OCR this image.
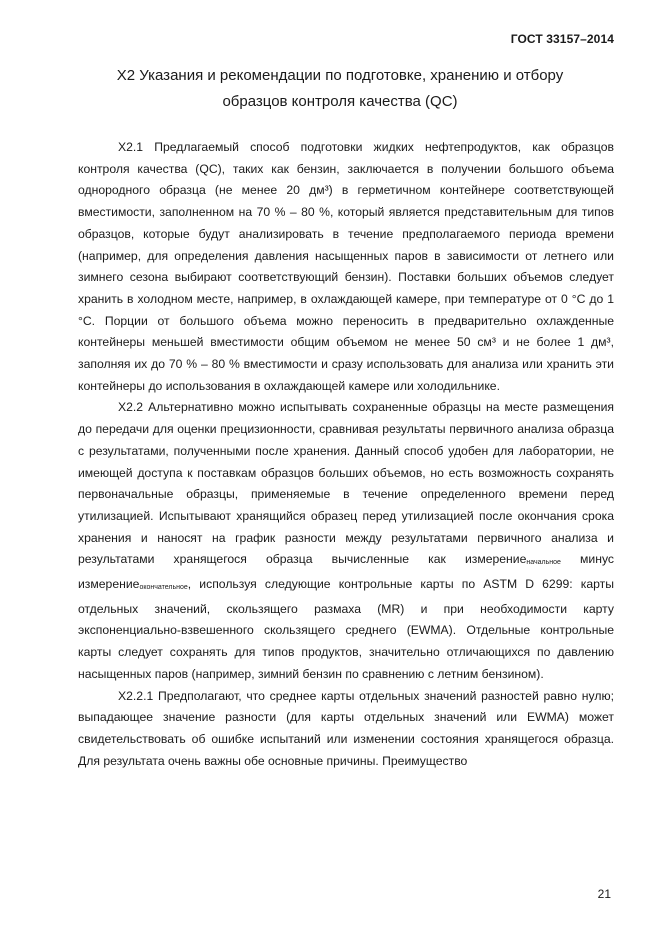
ГОСТ 33157–2014
Х2 Указания и рекомендации по подготовке, хранению и отбору
образцов контроля качества (QC)

Х2.1 Предлагаемый способ подготовки жидких нефтепродуктов, как образцов контроля качества (QC), таких как бензин, заключается в получении большого объема однородного образца (не менее 20 дм³) в герметичном контейнере соответствующей вместимости, заполненном на 70 % – 80 %, который является представительным для типов образцов, которые будут анализировать в течение предполагаемого периода времени (например, для определения давления насыщенных паров в зависимости от летнего или зимнего сезона выбирают соответствующий бензин). Поставки больших объемов следует хранить в холодном месте, например, в охлаждающей камере, при температуре от 0 °С до 1 °С. Порции от большого объема можно переносить в предварительно охлажденные контейнеры меньшей вместимости общим объемом не менее 50 см³ и не более 1 дм³, заполняя их до 70 % – 80 % вместимости и сразу использовать для анализа или хранить эти контейнеры до использования в охлаждающей камере или холодильнике.

Х2.2 Альтернативно можно испытывать сохраненные образцы на месте размещения до передачи для оценки прецизионности, сравнивая результаты первичного анализа образца с результатами, полученными после хранения. Данный способ удобен для лаборатории, не имеющей доступа к поставкам образцов больших объемов, но есть возможность сохранять первоначальные образцы, применяемые в течение определенного времени перед утилизацией. Испытывают хранящийся образец перед утилизацией после окончания срока хранения и наносят на график разности между результатами первичного анализа и результатами хранящегося образца вычисленные как измерение$_{начальное}$ минус измерение$_{окончательное}$, используя следующие контрольные карты по ASTM D 6299: карты отдельных значений, скользящего размаха (MR) и при необходимости карту экспоненциально-взвешенного скользящего среднего (EWMA). Отдельные контрольные карты следует сохранять для типов продуктов, значительно отличающихся по давлению насыщенных паров (например, зимний бензин по сравнению с летним бензином).

Х2.2.1 Предполагают, что среднее карты отдельных значений разностей равно нулю; выпадающее значение разности (для карты отдельных значений или EWMA) может свидетельствовать об ошибке испытаний или изменении состояния хранящегося образца. Для результата очень важны обе основные причины. Преимущество

21
